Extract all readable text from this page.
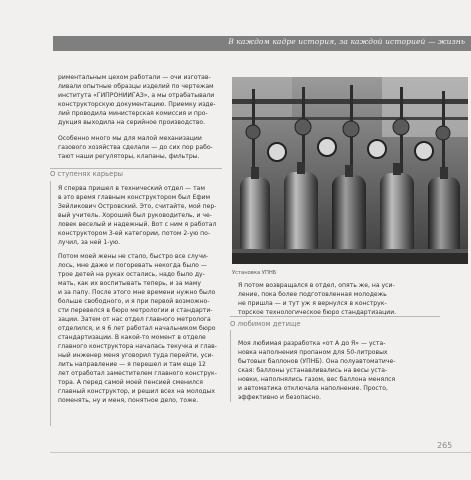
В каждом кадре история, за каждой историей — жизнь

риментальным цехом работали — очи изготав-

ливали опытные образцы изделий по чертежам

института «ГИПРОНИИГАЗ», а мы отрабатывали

конструкторскую документацию. Приемку изде-

лий проводила министерская комиссия и про-

дукция выходила на серийное производство.

Особенно много мы для малой механизации

газового хозяйства сделали — до сих пор рабо-

тают наши регуляторы, клапаны, фильтры.

О ступенях карьеры

Я сперва пришел в технический отдел — там

в это время главным конструктором был Ефим

Зейликович Островский. Это, считайте, мой пер-

вый учитель. Хороший был руководитель, и че-

ловек веселый и надежный. Вот с ним я работал

конструктором 3-ей категории, потом 2-ую по-

лучил, за ней 1-ую.

Потом моей жены не стало, быстро все случи-

лось, мне даже и погоревать некогда было —

трое детей на руках остались, надо было ду-

мать, как их воспитывать теперь, и за маму

и за папу. После этого мне времени нужно было

больше свободного, и я при первой возможно-

сти перевелся в бюро метрологии и стандарти-

зации. Затем от нас отдел главного метролога

отделился, и я 6 лет работал начальником бюро

стандартизации. В какой-то момент в отделе

главного конструктора началась текучка и глав-

ный инженер меня уговорил туда перейти, уси-

лить направление — я перешел и там еще 12

лет отработал заместителем главного конструк-

тора. А перед самой моей пенсией сменился

главный конструктор, и решил всех на молодых

поменять, ну и меня, понятное дело, тоже.

Установка УПНБ

Я потом возвращался в отдел, опять же, на уси-

ление, пока более подготовленная молодежь

не пришла — и тут уж я вернулся в конструк-

торское технологическое бюро стандартизации.

О любимом детище

Моя любимая разработка «от А до Я» — уста-

новка наполнения пропаном для 50-литровых

бытовых баллонов (УПНБ). Она полуавтоматиче-

ская: баллоны устанавливались на весы уста-

новки, наполнялись газом, вес баллона менялся

и автоматика отключала наполнение. Просто,

эффективно и безопасно.

265
